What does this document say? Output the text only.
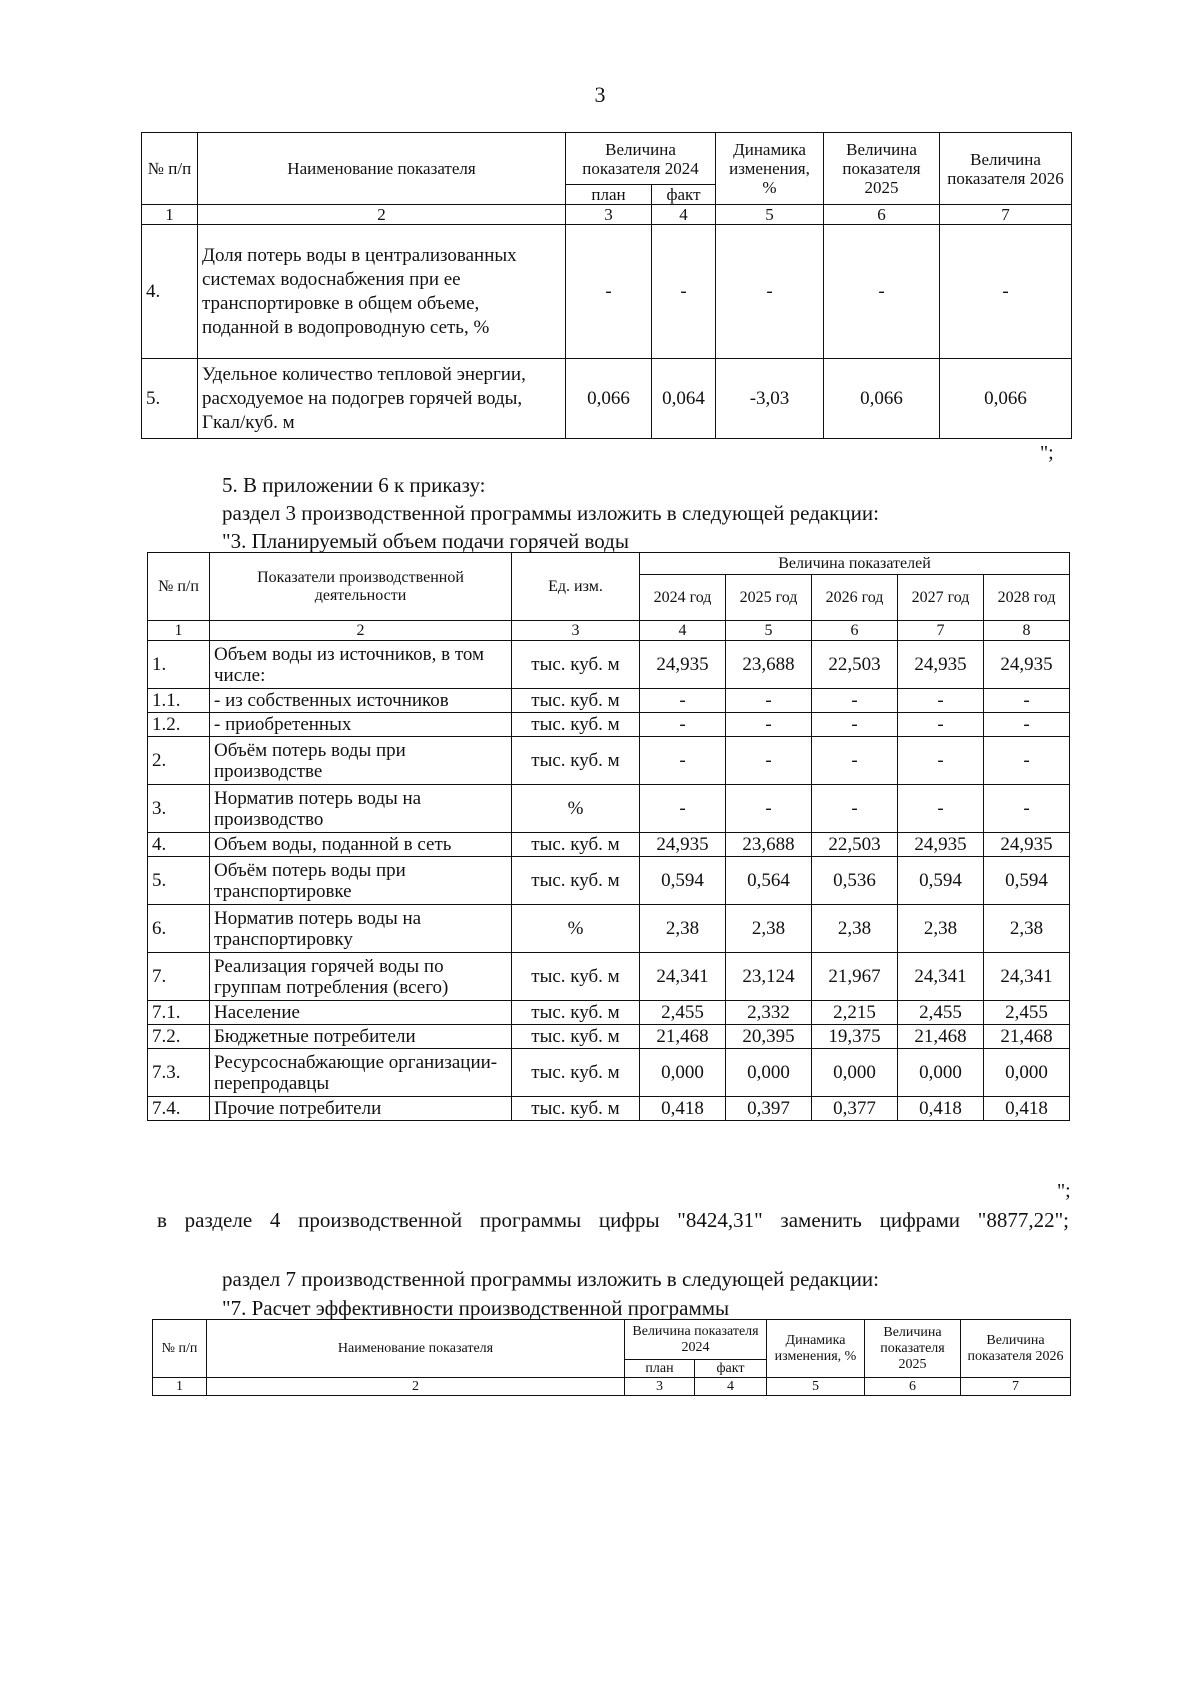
3
№ п/п	Наименование показателя	Величина показателя 2024		Динамика изменения, %	Величина показателя 2025	Величина показателя 2026
		план	факт			
1	2	3	4	5	6	7
4.	Доля потерь воды в централизованных системах водоснабжения при ее транспортировке в общем объеме, поданной в водопроводную сеть, %	-	-	-	-	-
5.	Удельное количество тепловой энергии, расходуемое на подогрев горячей воды, Гкал/куб. м	0,066	0,064	-3,03	0,066	0,066
";
5. В приложении 6 к приказу:
раздел 3 производственной программы изложить в следующей редакции:
"3. Планируемый объем подачи горячей воды
№ п/п	Показатели производственной деятельности	Ед. изм.	Величина показателей				
			2024 год	2025 год	2026 год	2027 год	2028 год
1	2	3	4	5	6	7	8
1.	Объем воды из источников, в том числе:	тыс. куб. м	24,935	23,688	22,503	24,935	24,935
1.1.	- из собственных источников	тыс. куб. м	-	-	-	-	-
1.2.	- приобретенных	тыс. куб. м	-	-	-	-	-
2.	Объём потерь воды при производстве	тыс. куб. м	-	-	-	-	-
3.	Норматив потерь воды на производство	%	-	-	-	-	-
4.	Объем воды, поданной в сеть	тыс. куб. м	24,935	23,688	22,503	24,935	24,935
5.	Объём потерь воды при транспортировке	тыс. куб. м	0,594	0,564	0,536	0,594	0,594
6.	Норматив потерь воды на транспортировку	%	2,38	2,38	2,38	2,38	2,38
7.	Реализация горячей воды по группам потребления (всего)	тыс. куб. м	24,341	23,124	21,967	24,341	24,341
7.1.	Население	тыс. куб. м	2,455	2,332	2,215	2,455	2,455
7.2.	Бюджетные потребители	тыс. куб. м	21,468	20,395	19,375	21,468	21,468
7.3.	Ресурсоснабжающие организации-перепродавцы	тыс. куб. м	0,000	0,000	0,000	0,000	0,000
7.4.	Прочие потребители	тыс. куб. м	0,418	0,397	0,377	0,418	0,418
";
в разделе 4 производственной программы цифры "8424,31" заменить цифрами "8877,22";
раздел 7 производственной программы изложить в следующей редакции:
"7. Расчет эффективности производственной программы
№ п/п	Наименование показателя	Величина показателя 2024		Динамика изменения, %	Величина показателя 2025	Величина показателя 2026
		план	факт			
1	2	3	4	5	6	7
